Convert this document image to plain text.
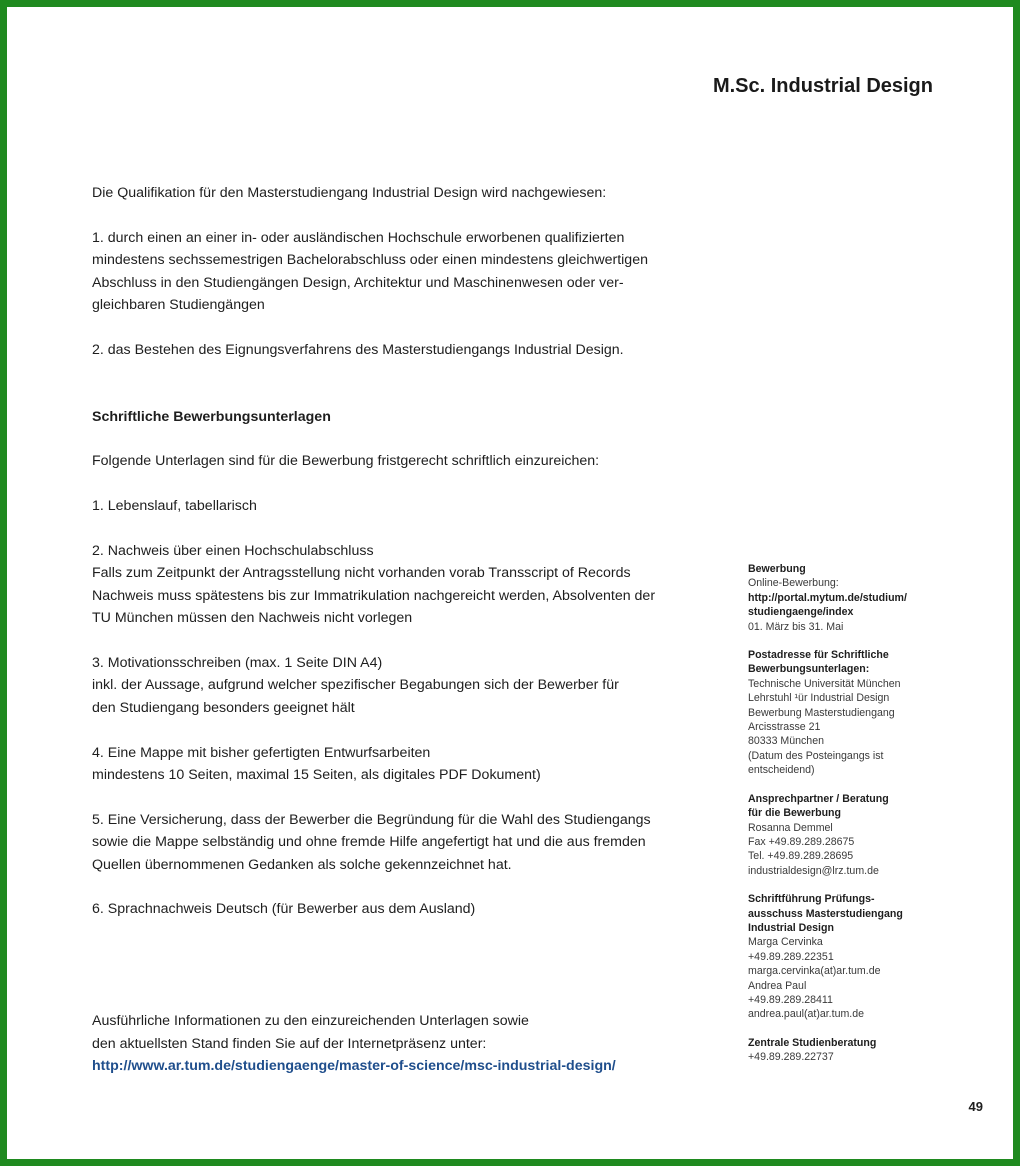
M.Sc. Industrial Design

Die Qualifikation für den Masterstudiengang Industrial Design wird nachgewiesen:

1. durch einen an einer in- oder ausländischen Hochschule erworbenen qualifizierten

mindestens sechssemestrigen Bachelorabschluss oder einen mindestens gleichwertigen

Abschluss in den Studiengängen Design, Architektur und Maschinenwesen oder ver-

gleichbaren Studiengängen

2. das Bestehen des Eignungsverfahrens des Masterstudiengangs Industrial Design.

Schriftliche Bewerbungsunterlagen

Folgende Unterlagen sind für die Bewerbung fristgerecht schriftlich einzureichen:

1. Lebenslauf, tabellarisch

2. Nachweis über einen Hochschulabschluss

Falls zum Zeitpunkt der Antragsstellung nicht vorhanden vorab Transscript of Records

Nachweis muss spätestens bis zur Immatrikulation nachgereicht werden, Absolventen der

TU München müssen den Nachweis nicht vorlegen

3. Motivationsschreiben (max. 1 Seite DIN A4)

inkl. der Aussage, aufgrund welcher spezifischer Begabungen sich der Bewerber für

den Studiengang besonders geeignet hält

4. Eine Mappe mit bisher gefertigten Entwurfsarbeiten

mindestens 10 Seiten, maximal 15 Seiten, als digitales PDF Dokument)

5. Eine Versicherung, dass der Bewerber die Begründung für die Wahl des Studiengangs

sowie die Mappe selbständig und ohne fremde Hilfe angefertigt hat und die aus fremden

Quellen übernommenen Gedanken als solche gekennzeichnet hat.

6. Sprachnachweis Deutsch (für Bewerber aus dem Ausland)

Ausführliche Informationen zu den einzureichenden Unterlagen sowie

den aktuellsten Stand finden Sie auf der Internetpräsenz unter:

http://www.ar.tum.de/studiengaenge/master-of-science/msc-industrial-design/

Bewerbung
Online-Bewerbung:
http://portal.mytum.de/studium/
studiengaenge/index
01. März bis 31. Mai
Postadresse für Schriftliche
Bewerbungsunterlagen:
Technische Universität München
Lehrstuhl ¹ür Industrial Design
Bewerbung Masterstudiengang
Arcisstrasse 21
80333 München
(Datum des Posteingangs ist
entscheidend)
Ansprechpartner / Beratung
für die Bewerbung
Rosanna Demmel
Fax +49.89.289.28675
Tel. +49.89.289.28695
industrialdesign@lrz.tum.de
Schriftführung Prüfungs-
ausschuss Masterstudiengang
Industrial Design
Marga Cervinka
+49.89.289.22351
marga.cervinka(at)ar.tum.de
Andrea Paul
+49.89.289.28411
andrea.paul(at)ar.tum.de
Zentrale Studienberatung
+49.89.289.22737
49
